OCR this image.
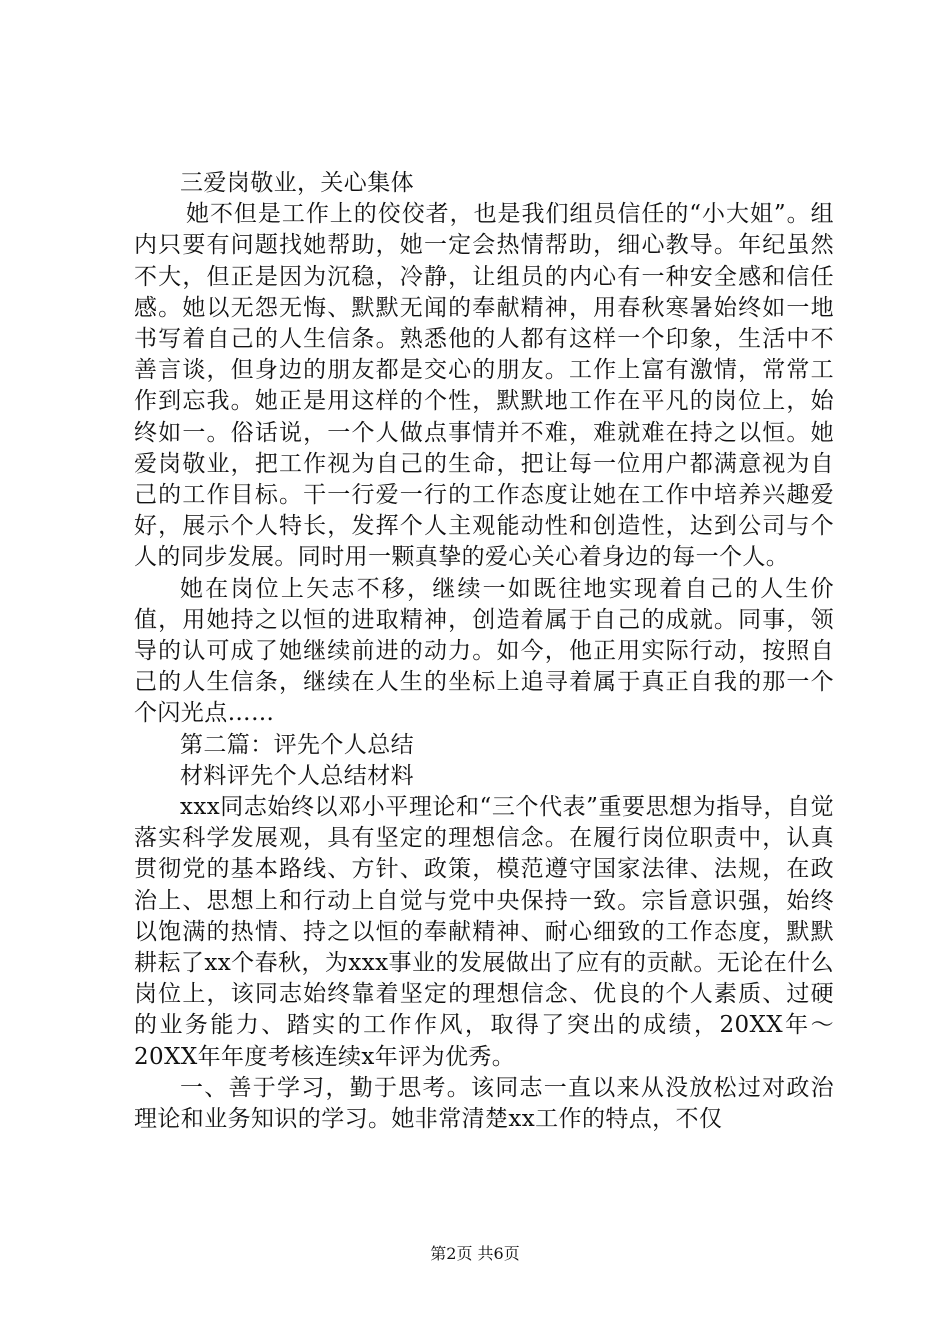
三爱岗敬业，关心集体

她不但是工作上的佼佼者，也是我们组员信任的“小大姐”。组内只要有问题找她帮助，她一定会热情帮助，细心教导。年纪虽然不大，但正是因为沉稳，冷静，让组员的内心有一种安全感和信任感。她以无怨无悔、默默无闻的奉献精神，用春秋寒暑始终如一地书写着自己的人生信条。熟悉他的人都有这样一个印象，生活中不善言谈，但身边的朋友都是交心的朋友。工作上富有激情，常常工作到忘我。她正是用这样的个性，默默地工作在平凡的岗位上，始终如一。俗话说，一个人做点事情并不难，难就难在持之以恒。她爱岗敬业，把工作视为自己的生命，把让每一位用户都满意视为自己的工作目标。干一行爱一行的工作态度让她在工作中培养兴趣爱好，展示个人特长，发挥个人主观能动性和创造性，达到公司与个人的同步发展。同时用一颗真挚的爱心关心着身边的每一个人。

她在岗位上矢志不移，继续一如既往地实现着自己的人生价值，用她持之以恒的进取精神，创造着属于自己的成就。同事，领导的认可成了她继续前进的动力。如今，他正用实际行动，按照自己的人生信条，继续在人生的坐标上追寻着属于真正自我的那一个个闪光点……

第二篇：评先个人总结

材料评先个人总结材料

xxx同志始终以邓小平理论和“三个代表”重要思想为指导，自觉落实科学发展观，具有坚定的理想信念。在履行岗位职责中，认真贯彻党的基本路线、方针、政策，模范遵守国家法律、法规，在政治上、思想上和行动上自觉与党中央保持一致。宗旨意识强，始终以饱满的热情、持之以恒的奉献精神、耐心细致的工作态度，默默耕耘了xx个春秋，为xxx事业的发展做出了应有的贡献。无论在什么岗位上，该同志始终靠着坚定的理想信念、优良的个人素质、过硬的业务能力、踏实的工作作风，取得了突出的成绩，20XX年～20XX年年度考核连续x年评为优秀。

一、善于学习，勤于思考。该同志一直以来从没放松过对政治理论和业务知识的学习。她非常清楚xx工作的特点，不仅

第2页 共6页
